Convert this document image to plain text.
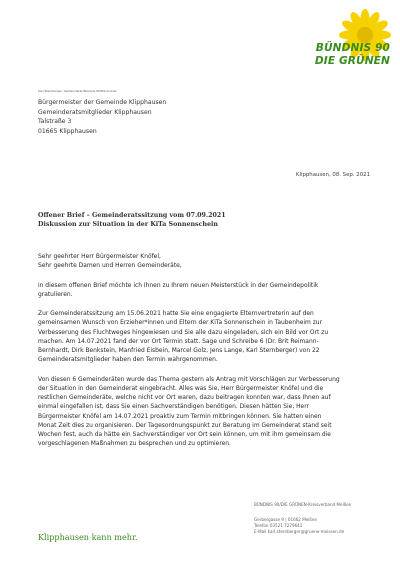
BÜNDNIS 90
DIE GRÜNEN
Karl Sternberger, Gemeinderat Bündnis 90/Die Grünen
Bürgermeister der Gemeinde Klipphausen
Gemeinderatsmitglieder Klipphausen
Talstraße 3
01665 Klipphausen
Klipphausen, 08. Sep. 2021
Offener Brief – Gemeinderatssitzung vom 07.09.2021
Diskussion zur Situation in der KiTa Sonnenschein

Sehr geehrter Herr Bürgermeister Knöfel,
Sehr geehrte Damen und Herren Gemeinderäte,

in diesem offenen Brief möchte ich Ihnen zu Ihrem neuen Meisterstück in der Gemeindepolitik
gratulieren.

Zur Gemeinderatssitzung am 15.06.2021 hatte Sie eine engagierte Elternvertreterin auf den
gemeinsamen Wunsch von Erzieher*innen und Eltern der KiTa Sonnenschein in Taubenheim zur
Verbesserung des Fluchtweges hingewiesen und Sie alle dazu eingeladen, sich ein Bild vor Ort zu
machen. Am 14.07.2021 fand der vor Ort Termin statt. Sage und Schreibe 6 (Dr. Brit Reimann-
Bernhardt, Dirk Benkstein, Manfried Eisbein, Marcel Golz, Jens Lange, Karl Sternberger) von 22
Gemeinderatsmitglieder haben den Termin wahrgenommen.

Von diesen 6 Gemeinderäten wurde das Thema gestern als Antrag mit Vorschlägen zur Verbesserung
der Situation in den Gemeinderat eingebracht. Alles was Sie, Herr Bürgermeister Knöfel und die
restlichen Gemeinderäte, welche nicht vor Ort waren, dazu beitragen konnten war, dass Ihnen auf
einmal eingefallen ist, dass Sie einen Sachverständigen benötigen. Diesen hätten Sie, Herr
Bürgermeister Knöfel am 14.07.2021 proaktiv zum Termin mitbringen können. Sie hatten einen
Monat Zeit dies zu organisieren. Der Tagesordnungspunkt zur Beratung im Gemeinderat stand seit
Wochen fest, auch da hätte ein Sachverständiger vor Ort sein können, um mit ihm gemeinsam die
vorgeschlagenen Maßnahmen zu besprechen und zu optimieren.

BÜNDNIS 90/DIE GRÜNEN-Kreisverband Meißen
Gerbergasse 9 | 01662 Meißen
Telefon 03521 7279641
E-Mail karl.sternberger@gruene-meissen.de
Klipphausen kann mehr.
